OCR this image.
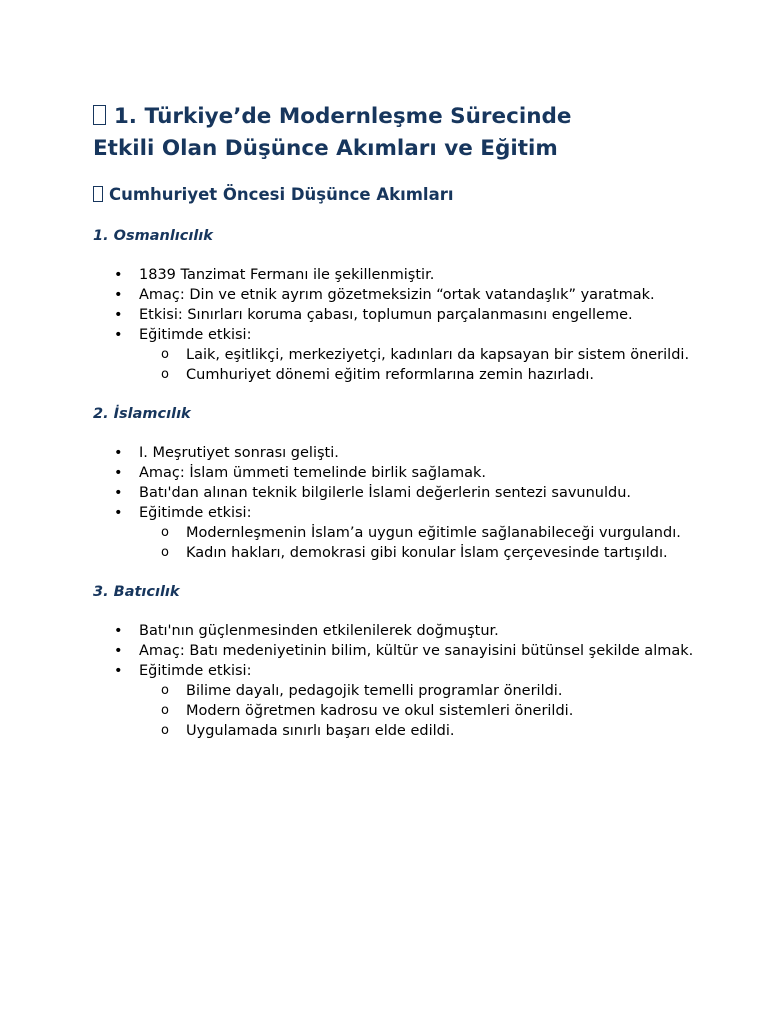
1. Türkiye’de Modernleşme Sürecinde
Etkili Olan Düşünce Akımları ve Eğitim
Cumhuriyet Öncesi Düşünce Akımları
1. Osmanlıcılık
• 1839 Tanzimat Fermanı ile şekillenmiştir.
• Amaç: Din ve etnik ayrım gözetmeksizin “ortak vatandaşlık” yaratmak.
• Etkisi: Sınırları koruma çabası, toplumun parçalanmasını engelleme.
• Eğitimde etkisi:
o Laik, eşitlikçi, merkeziyetçi, kadınları da kapsayan bir sistem önerildi.
o Cumhuriyet dönemi eğitim reformlarına zemin hazırladı.
2. İslamcılık
• I. Meşrutiyet sonrası gelişti.
• Amaç: İslam ümmeti temelinde birlik sağlamak.
• Batı'dan alınan teknik bilgilerle İslami değerlerin sentezi savunuldu.
• Eğitimde etkisi:
o Modernleşmenin İslam’a uygun eğitimle sağlanabileceği vurgulandı.
o Kadın hakları, demokrasi gibi konular İslam çerçevesinde tartışıldı.
3. Batıcılık
• Batı'nın güçlenmesinden etkilenilerek doğmuştur.
• Amaç: Batı medeniyetinin bilim, kültür ve sanayisini bütünsel şekilde almak.
• Eğitimde etkisi:
o Bilime dayalı, pedagojik temelli programlar önerildi.
o Modern öğretmen kadrosu ve okul sistemleri önerildi.
o Uygulamada sınırlı başarı elde edildi.
